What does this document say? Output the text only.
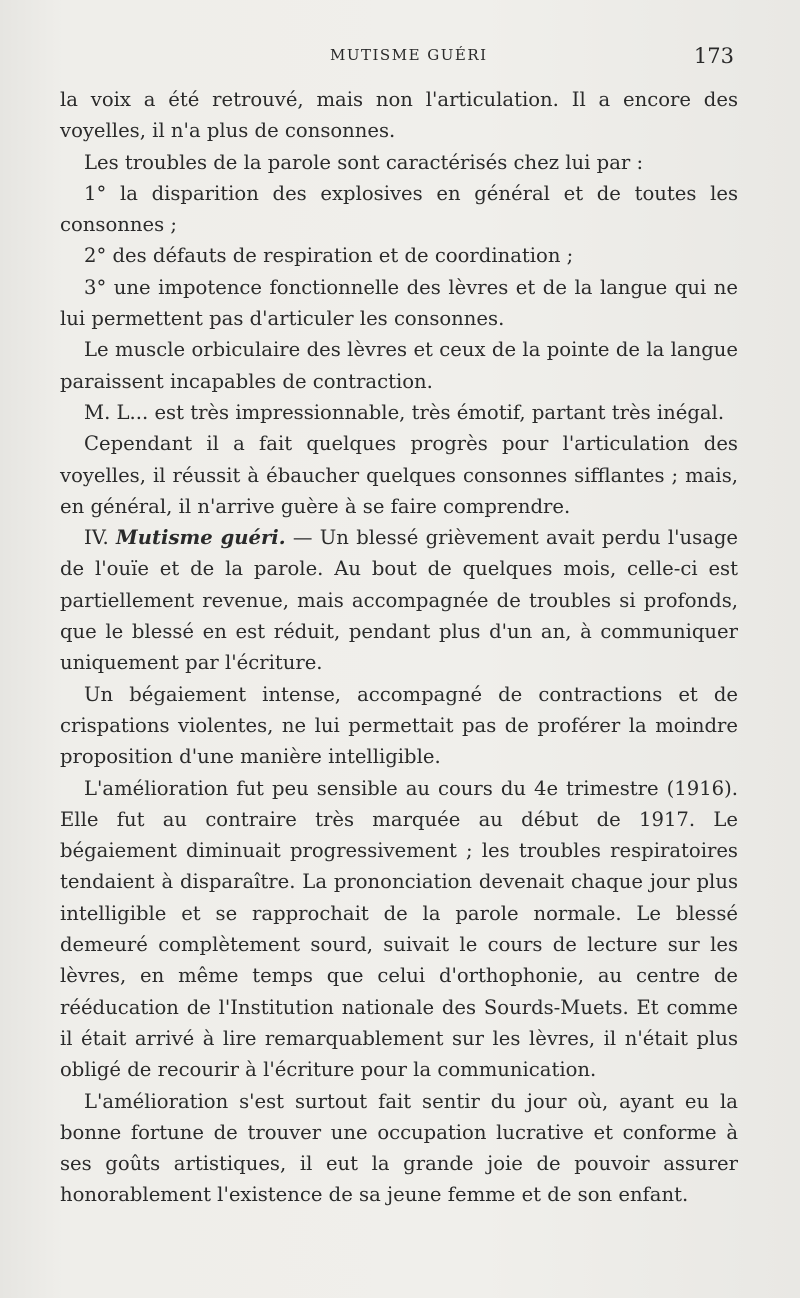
MUTISME GUÉRI	173

la voix a été retrouvé, mais non l'articulation. Il a encore des voyelles, il n'a plus de consonnes.

Les troubles de la parole sont caractérisés chez lui par :

1° la disparition des explosives en général et de toutes les consonnes ;

2° des défauts de respiration et de coordination ;

3° une impotence fonctionnelle des lèvres et de la langue qui ne lui permettent pas d'articuler les consonnes.

Le muscle orbiculaire des lèvres et ceux de la pointe de la langue paraissent incapables de contraction.

M. L... est très impressionnable, très émotif, partant très inégal.

Cependant il a fait quelques progrès pour l'articulation des voyelles, il réussit à ébaucher quelques consonnes sifflantes ; mais, en général, il n'arrive guère à se faire comprendre.

IV. Mutisme guéri. — Un blessé grièvement avait perdu l'usage de l'ouïe et de la parole. Au bout de quelques mois, celle-ci est partiellement revenue, mais accompagnée de troubles si profonds, que le blessé en est réduit, pendant plus d'un an, à communiquer uniquement par l'écriture.

Un bégaiement intense, accompagné de contractions et de crispations violentes, ne lui permettait pas de proférer la moindre proposition d'une manière intelligible.

L'amélioration fut peu sensible au cours du 4e trimestre (1916). Elle fut au contraire très marquée au début de 1917. Le bégaiement diminuait progressivement ; les troubles respiratoires tendaient à disparaître. La prononciation devenait chaque jour plus intelligible et se rapprochait de la parole normale. Le blessé demeuré complètement sourd, suivait le cours de lecture sur les lèvres, en même temps que celui d'orthophonie, au centre de rééducation de l'Institution nationale des Sourds-Muets. Et comme il était arrivé à lire remarquablement sur les lèvres, il n'était plus obligé de recourir à l'écriture pour la communication.

L'amélioration s'est surtout fait sentir du jour où, ayant eu la bonne fortune de trouver une occupation lucrative et conforme à ses goûts artistiques, il eut la grande joie de pouvoir assurer honorablement l'existence de sa jeune femme et de son enfant.
